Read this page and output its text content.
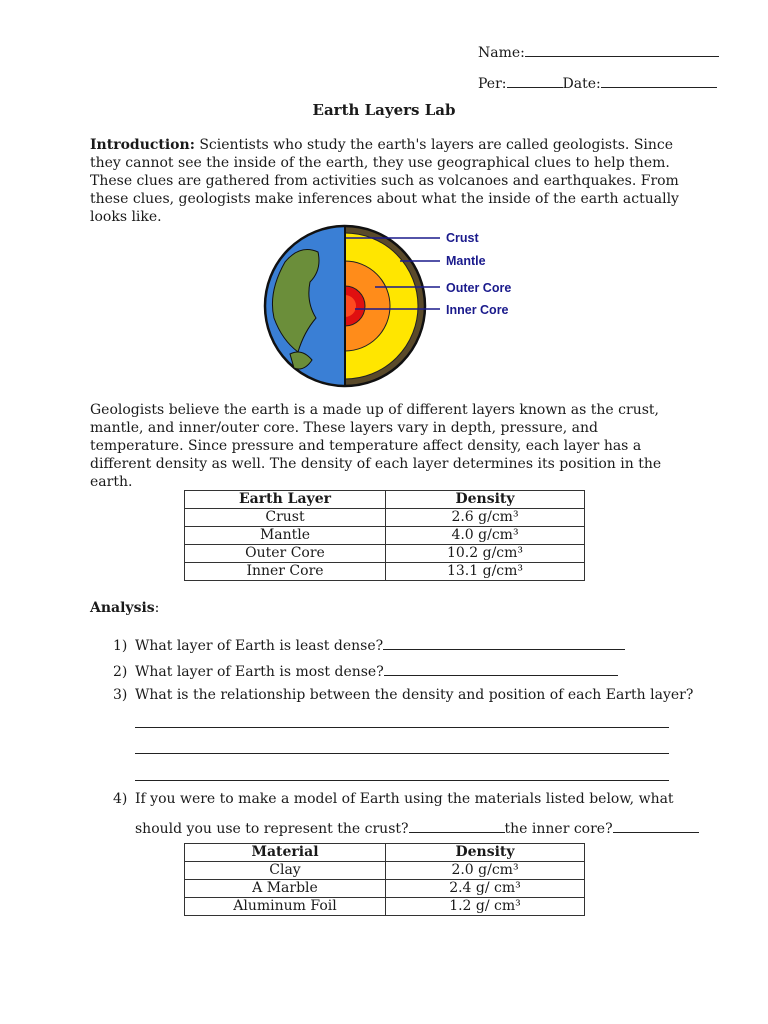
Name:
Per:	Date:
Earth Layers Lab
Introduction: Scientists who study the earth's layers are called geologists. Since they cannot see the inside of the earth, they use geographical clues to help them. These clues are gathered from activities such as volcanoes and earthquakes. From these clues, geologists make inferences about what the inside of the earth actually looks like.
Crust
Mantle
Outer Core
Inner Core
Geologists believe the earth is a made up of different layers known as the crust, mantle, and inner/outer core. These layers vary in depth, pressure, and temperature. Since pressure and temperature affect density, each layer has a different density as well. The density of each layer determines its position in the earth.
Earth Layer	Density
Crust	2.6 g/cm³
Mantle	4.0 g/cm³
Outer Core	10.2 g/cm³
Inner Core	13.1 g/cm³
Analysis:
1) What layer of Earth is least dense?
2) What layer of Earth is most dense?
3) What is the relationship between the density and position of each Earth layer?
4) If you were to make a model of Earth using the materials listed below, what
should you use to represent the crust?	the inner core?
Material	Density
Clay	2.0 g/cm³
A Marble	2.4 g/ cm³
Aluminum Foil	1.2 g/ cm³
